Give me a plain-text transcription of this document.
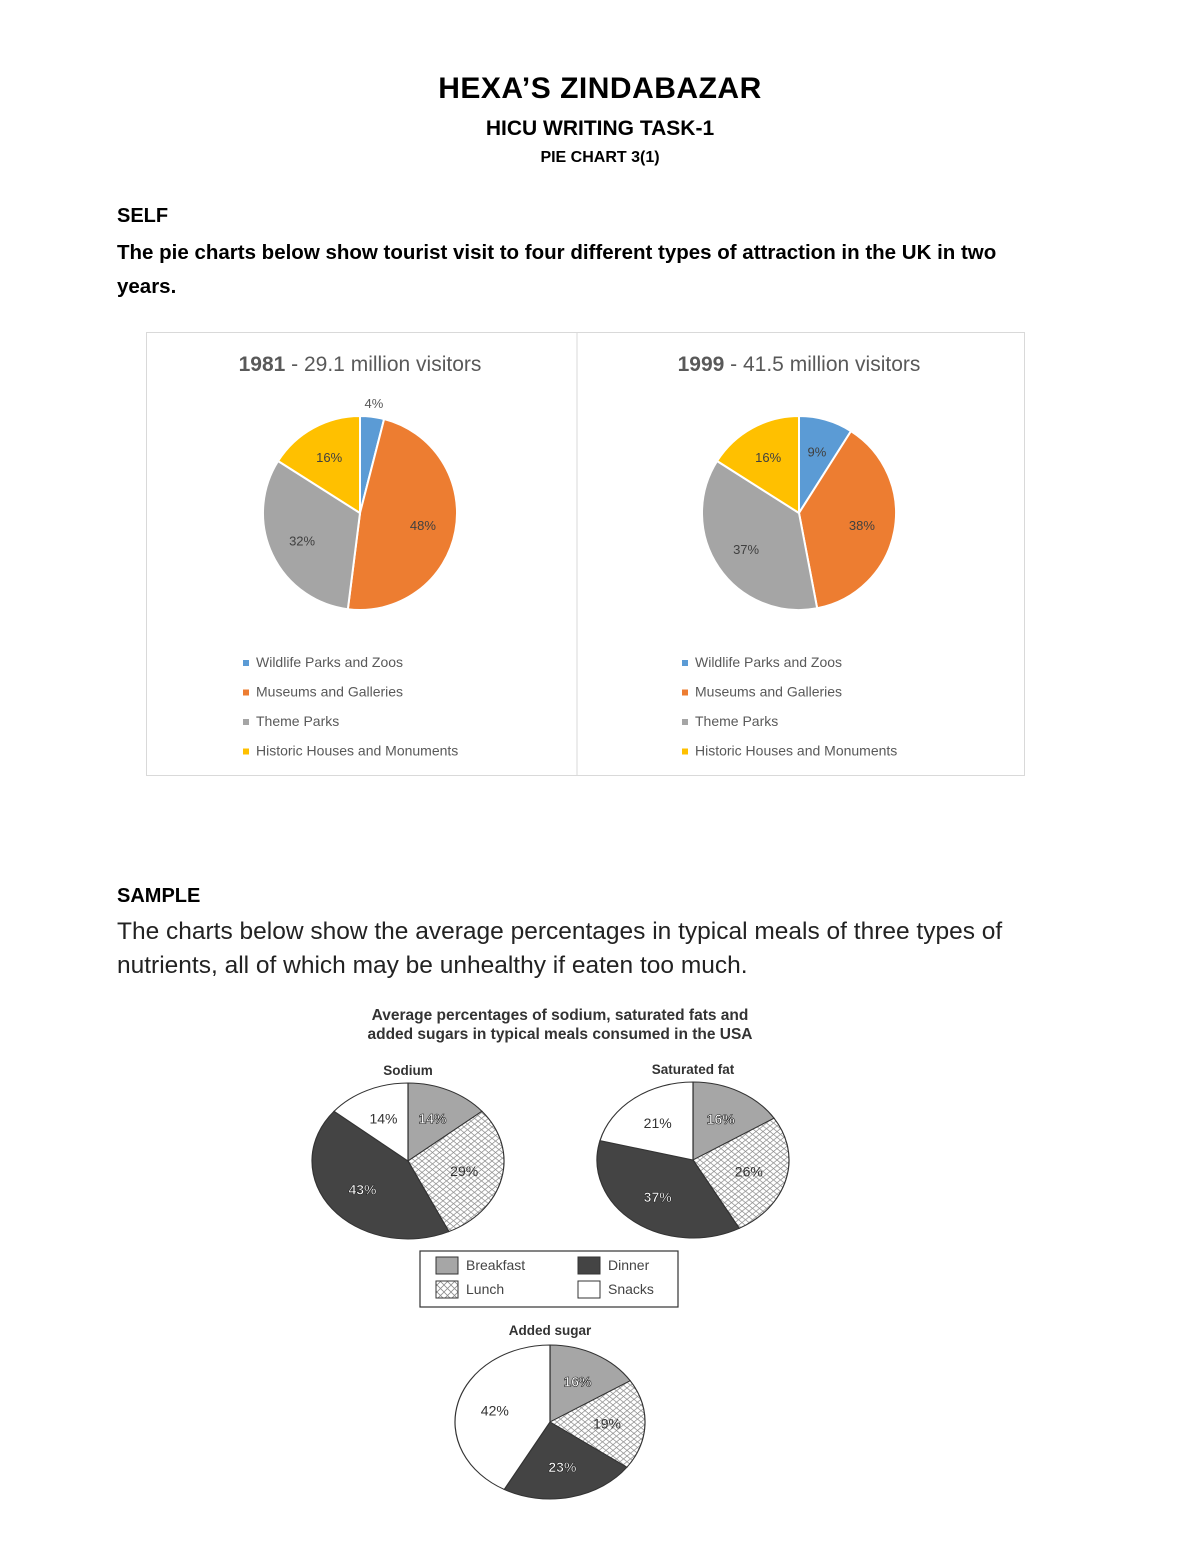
HEXA’S ZINDABAZAR
HICU WRITING TASK-1
PIE CHART 3(1)
SELF
The pie charts below show tourist visit to four different types of attraction in the UK in two years.
1981 - 29.1 million visitors
4%
48%
32%
16%
Wildlife Parks and Zoos
Museums and Galleries
Theme Parks
Historic Houses and Monuments
1999 - 41.5 million visitors
9%
38%
37%
16%
Wildlife Parks and Zoos
Museums and Galleries
Theme Parks
Historic Houses and Monuments
SAMPLE
The charts below show the average percentages in typical meals of three types of nutrients, all of which may be unhealthy if eaten too much.
Average percentages of sodium, saturated fats and
added sugars in typical meals consumed in the USA
Sodium
14%
29%
43%
14%
Saturated fat
16%
26%
37%
21%
Added sugar
16%
19%
23%
42%
Breakfast
Lunch
Dinner
Snacks
